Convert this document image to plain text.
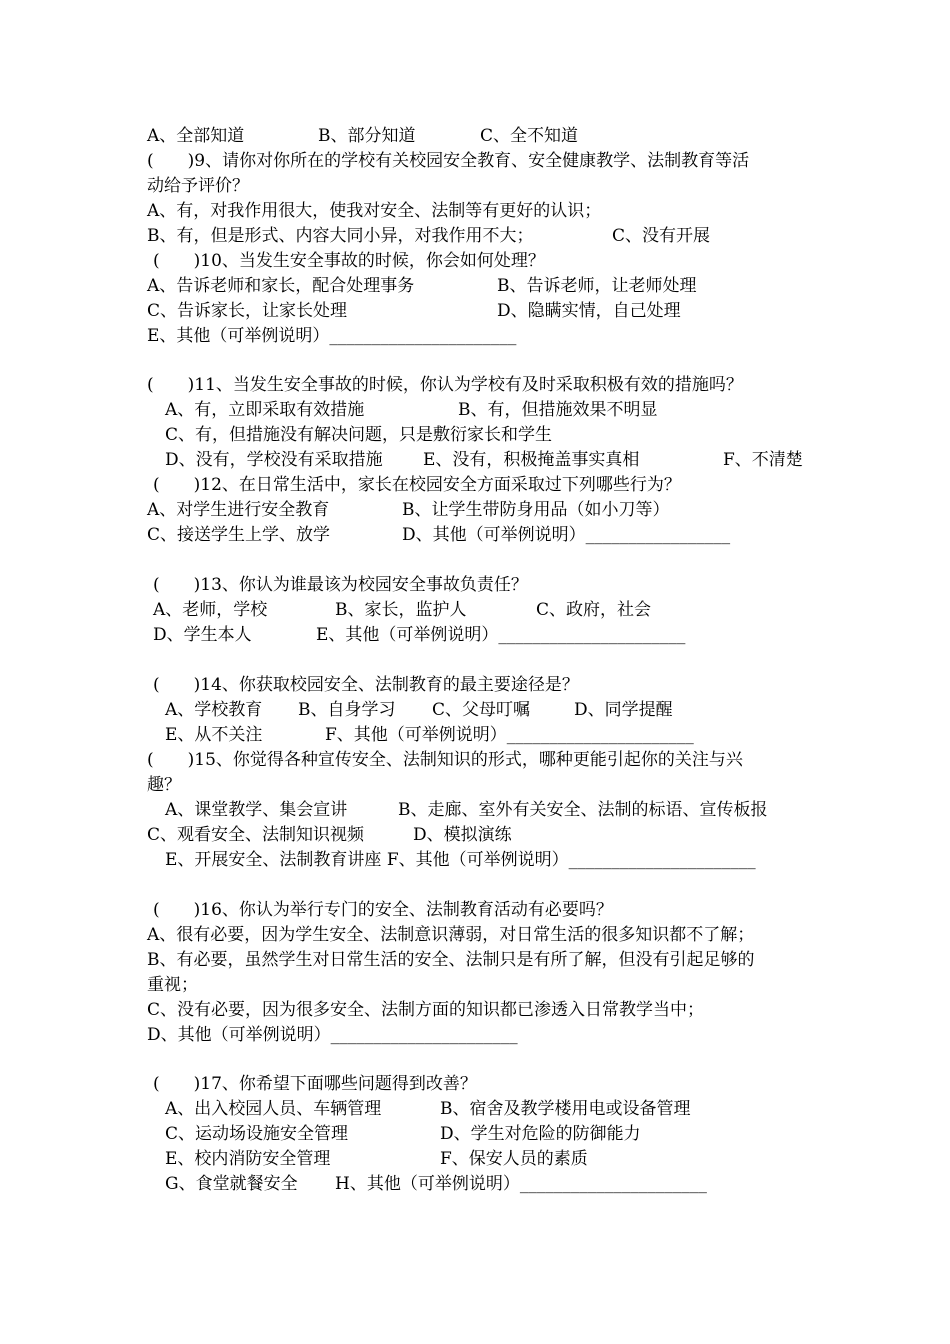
A、全部知道

	B、部分知道

	C、全不知道

(　　)9、请你对你所在的学校有关校园安全教育、安全健康教学、法制教育等活

动给予评价？

A、有，对我作用很大，使我对安全、法制等有更好的认识；

B、有，但是形式、内容大同小异，对我作用不大；

	C、没有开展

(　　)10、当发生安全事故的时候，你会如何处理？

A、告诉老师和家长，配合处理事务

	B、告诉老师，让老师处理

C、告诉家长，让家长处理

	D、隐瞒实情，自己处理

E、其他（可举例说明）______________________

(　　)11、当发生安全事故的时候，你认为学校有及时采取积极有效的措施吗？

A、有，立即采取有效措施

	B、有，但措施效果不明显

C、有，但措施没有解决问题，只是敷衍家长和学生

D、没有，学校没有采取措施

E、没有，积极掩盖事实真相

	F、不清楚

(　　)12、在日常生活中，家长在校园安全方面采取过下列哪些行为？

A、对学生进行安全教育

	B、让学生带防身用品（如小刀等）

C、接送学生上学、放学

	D、其他（可举例说明）_________________

(　　)13、你认为谁最该为校园安全事故负责任？

A、老师，学校

	B、家长，监护人

	C、政府，社会

D、学生本人

	E、其他（可举例说明）______________________

(　　)14、你获取校园安全、法制教育的最主要途径是？

A、学校教育

B、自身学习

C、父母叮嘱

	D、同学提醒

E、从不关注

	F、其他（可举例说明）______________________

(　　)15、你觉得各种宣传安全、法制知识的形式，哪种更能引起你的关注与兴

趣？

A、课堂教学、集会宣讲

	B、走廊、室外有关安全、法制的标语、宣传板报

C、观看安全、法制知识视频

	D、模拟演练

E、开展安全、法制教育讲座 F、其他（可举例说明）______________________

(　　)16、你认为举行专门的安全、法制教育活动有必要吗？

A、很有必要，因为学生安全、法制意识薄弱，对日常生活的很多知识都不了解；

B、有必要，虽然学生对日常生活的安全、法制只是有所了解，但没有引起足够的

重视；

C、没有必要，因为很多安全、法制方面的知识都已渗透入日常教学当中；

D、其他（可举例说明）______________________

(　　)17、你希望下面哪些问题得到改善？

A、出入校园人员、车辆管理

	B、宿舍及教学楼用电或设备管理

C、运动场设施安全管理

	D、学生对危险的防御能力

E、校内消防安全管理

	F、保安人员的素质

G、食堂就餐安全

H、其他（可举例说明）______________________
